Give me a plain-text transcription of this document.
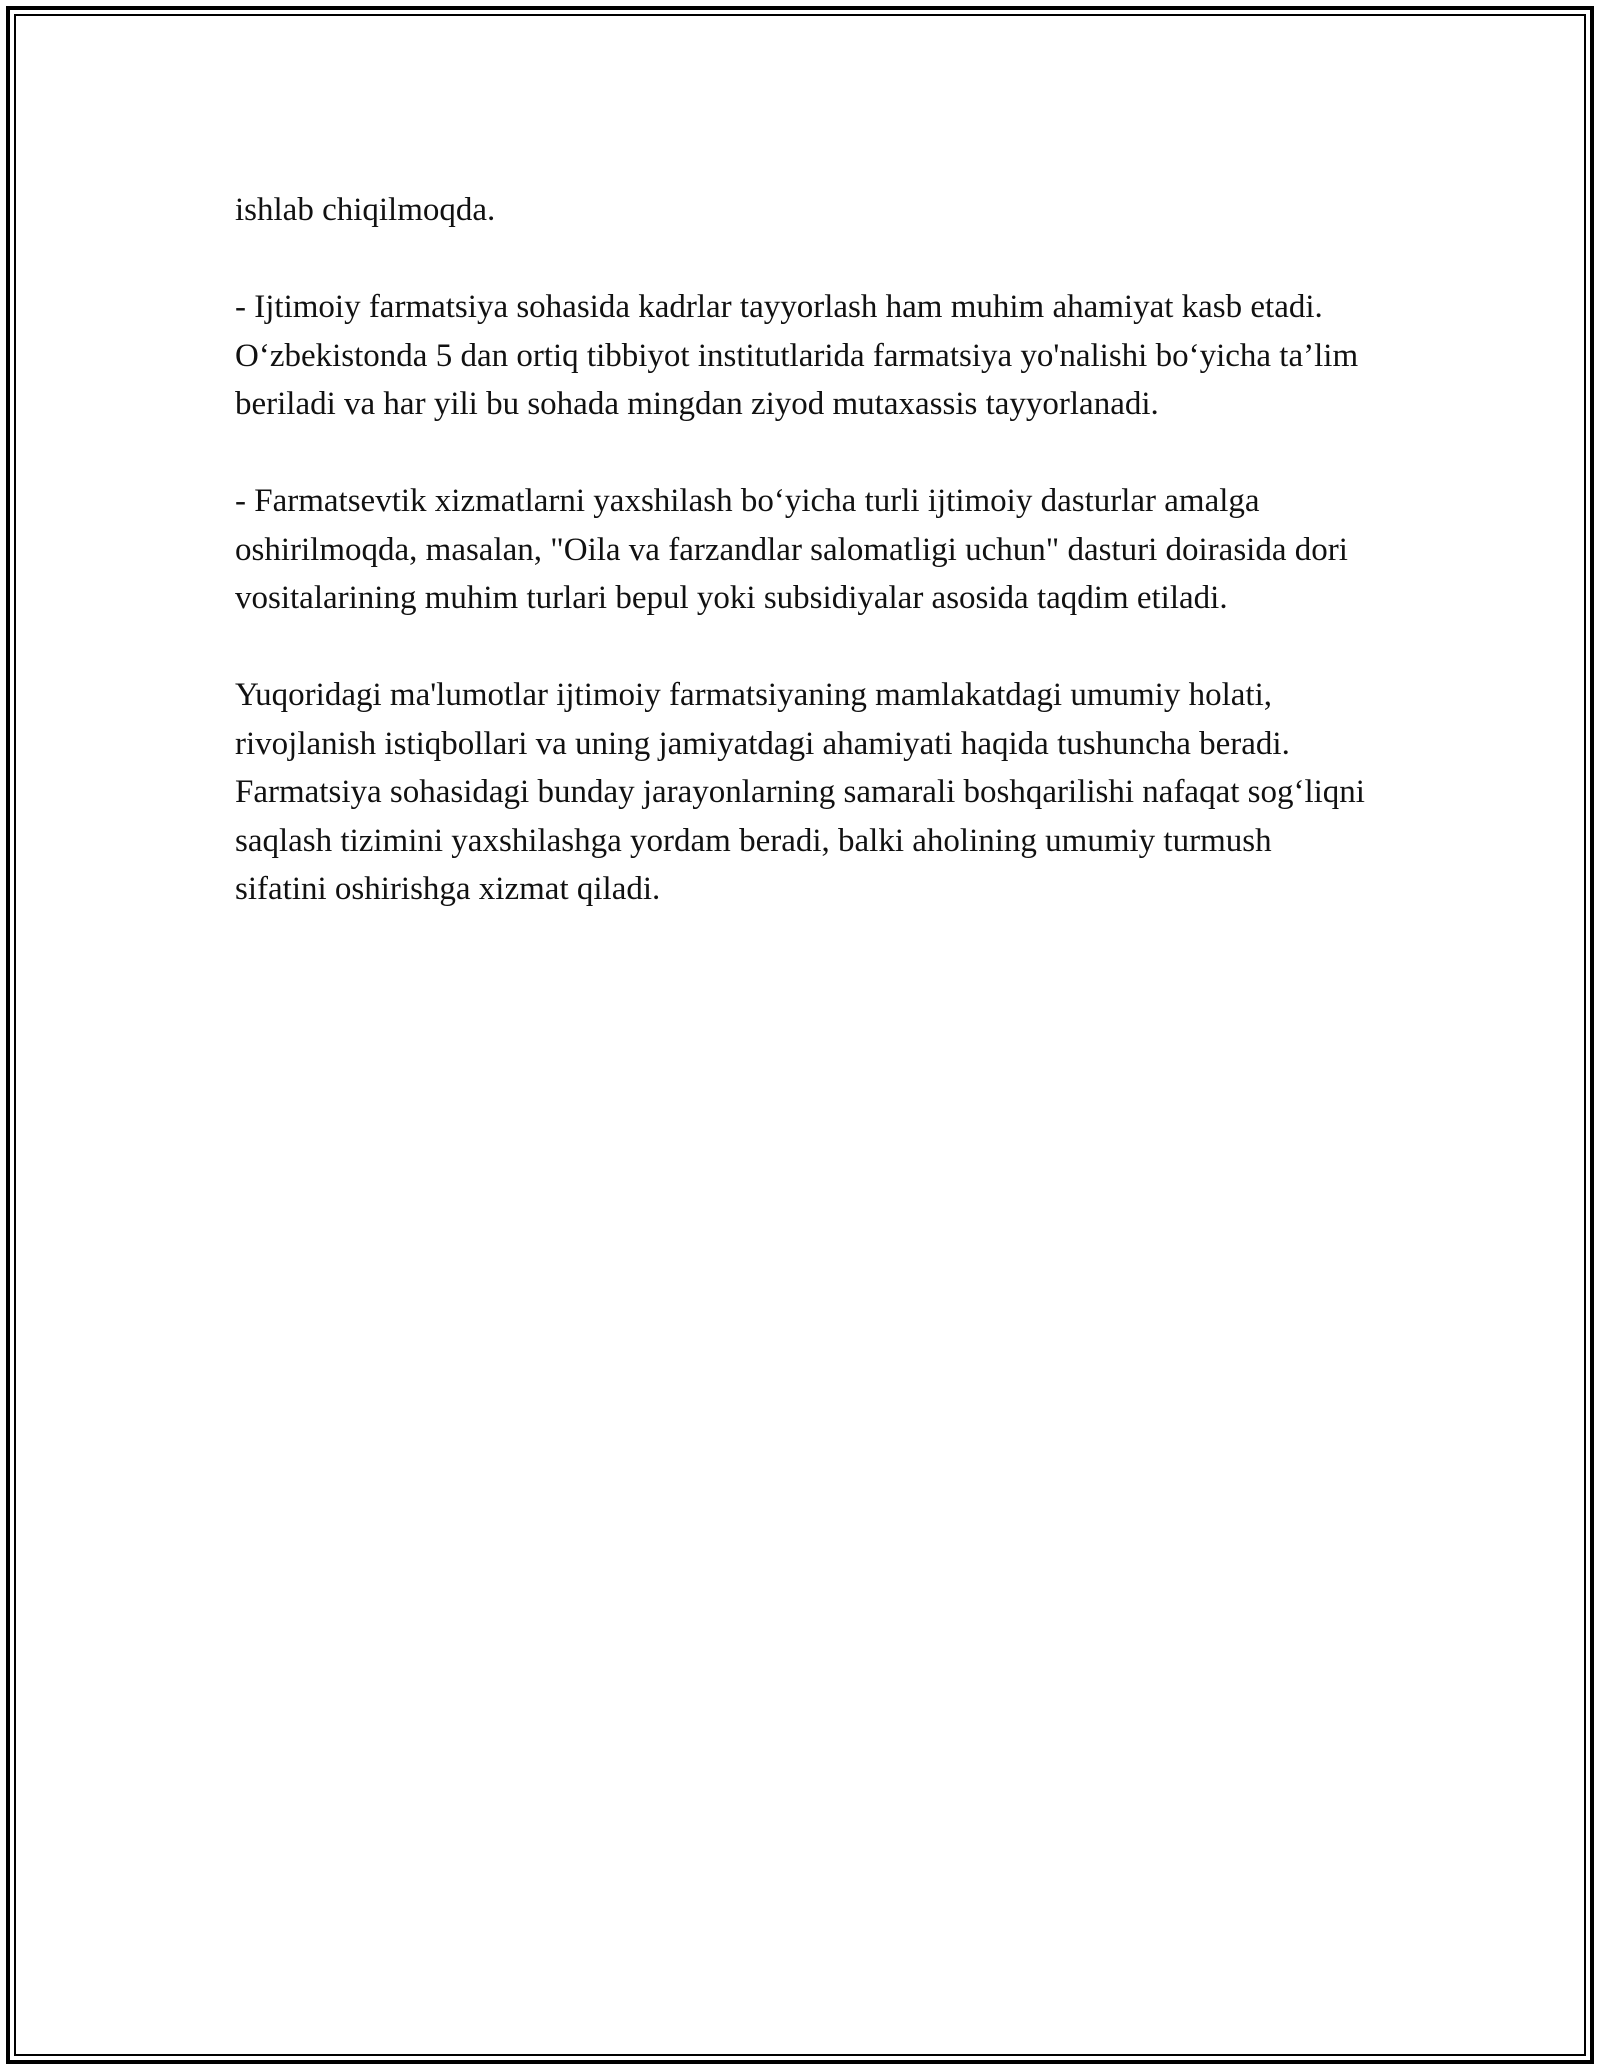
ishlab chiqilmoqda.

- Ijtimoiy farmatsiya sohasida kadrlar tayyorlash ham muhim ahamiyat kasb etadi. O‘zbekistonda 5 dan ortiq tibbiyot institutlarida farmatsiya yo'nalishi bo‘yicha ta’lim beriladi va har yili bu sohada mingdan ziyod mutaxassis tayyorlanadi.

- Farmatsevtik xizmatlarni yaxshilash bo‘yicha turli ijtimoiy dasturlar amalga oshirilmoqda, masalan, "Oila va farzandlar salomatligi uchun" dasturi doirasida dori vositalarining muhim turlari bepul yoki subsidiyalar asosida taqdim etiladi.

Yuqoridagi ma'lumotlar ijtimoiy farmatsiyaning mamlakatdagi umumiy holati, rivojlanish istiqbollari va uning jamiyatdagi ahamiyati haqida tushuncha beradi. Farmatsiya sohasidagi bunday jarayonlarning samarali boshqarilishi nafaqat sog‘liqni saqlash tizimini yaxshilashga yordam beradi, balki aholining umumiy turmush sifatini oshirishga xizmat qiladi.
